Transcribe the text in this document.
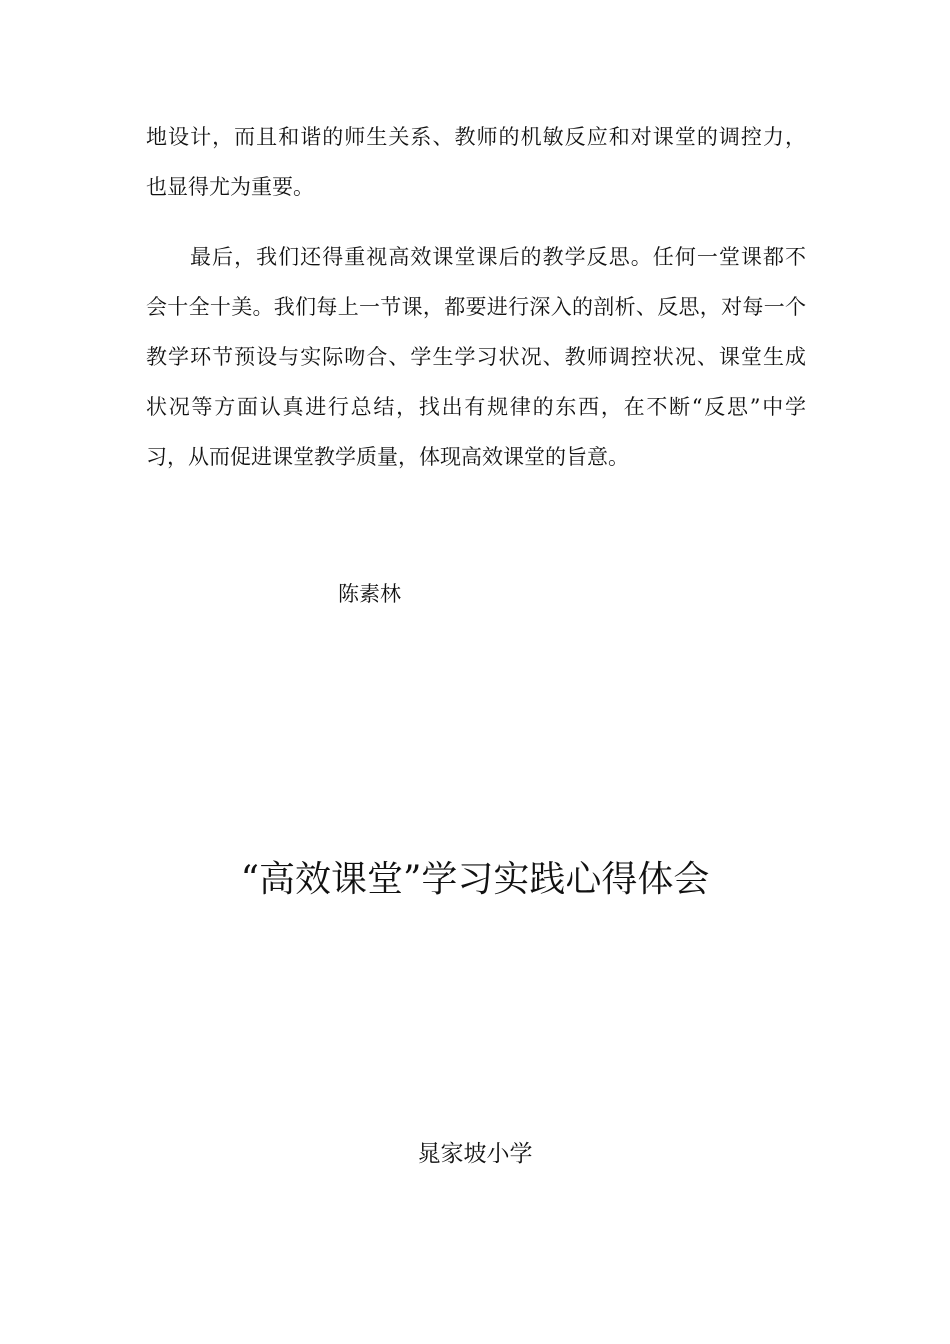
地设计，而且和谐的师生关系、教师的机敏反应和对课堂的调控力，
也显得尤为重要。
最后，我们还得重视高效课堂课后的教学反思。任何一堂课都不
会十全十美。我们每上一节课，都要进行深入的剖析、反思，对每一个
教学环节预设与实际吻合、学生学习状况、教师调控状况、课堂生成
状况等方面认真进行总结，找出有规律的东西，在不断“反思”中学
习，从而促进课堂教学质量，体现高效课堂的旨意。
陈素林
“高效课堂”学习实践心得体会
晁家坡小学
